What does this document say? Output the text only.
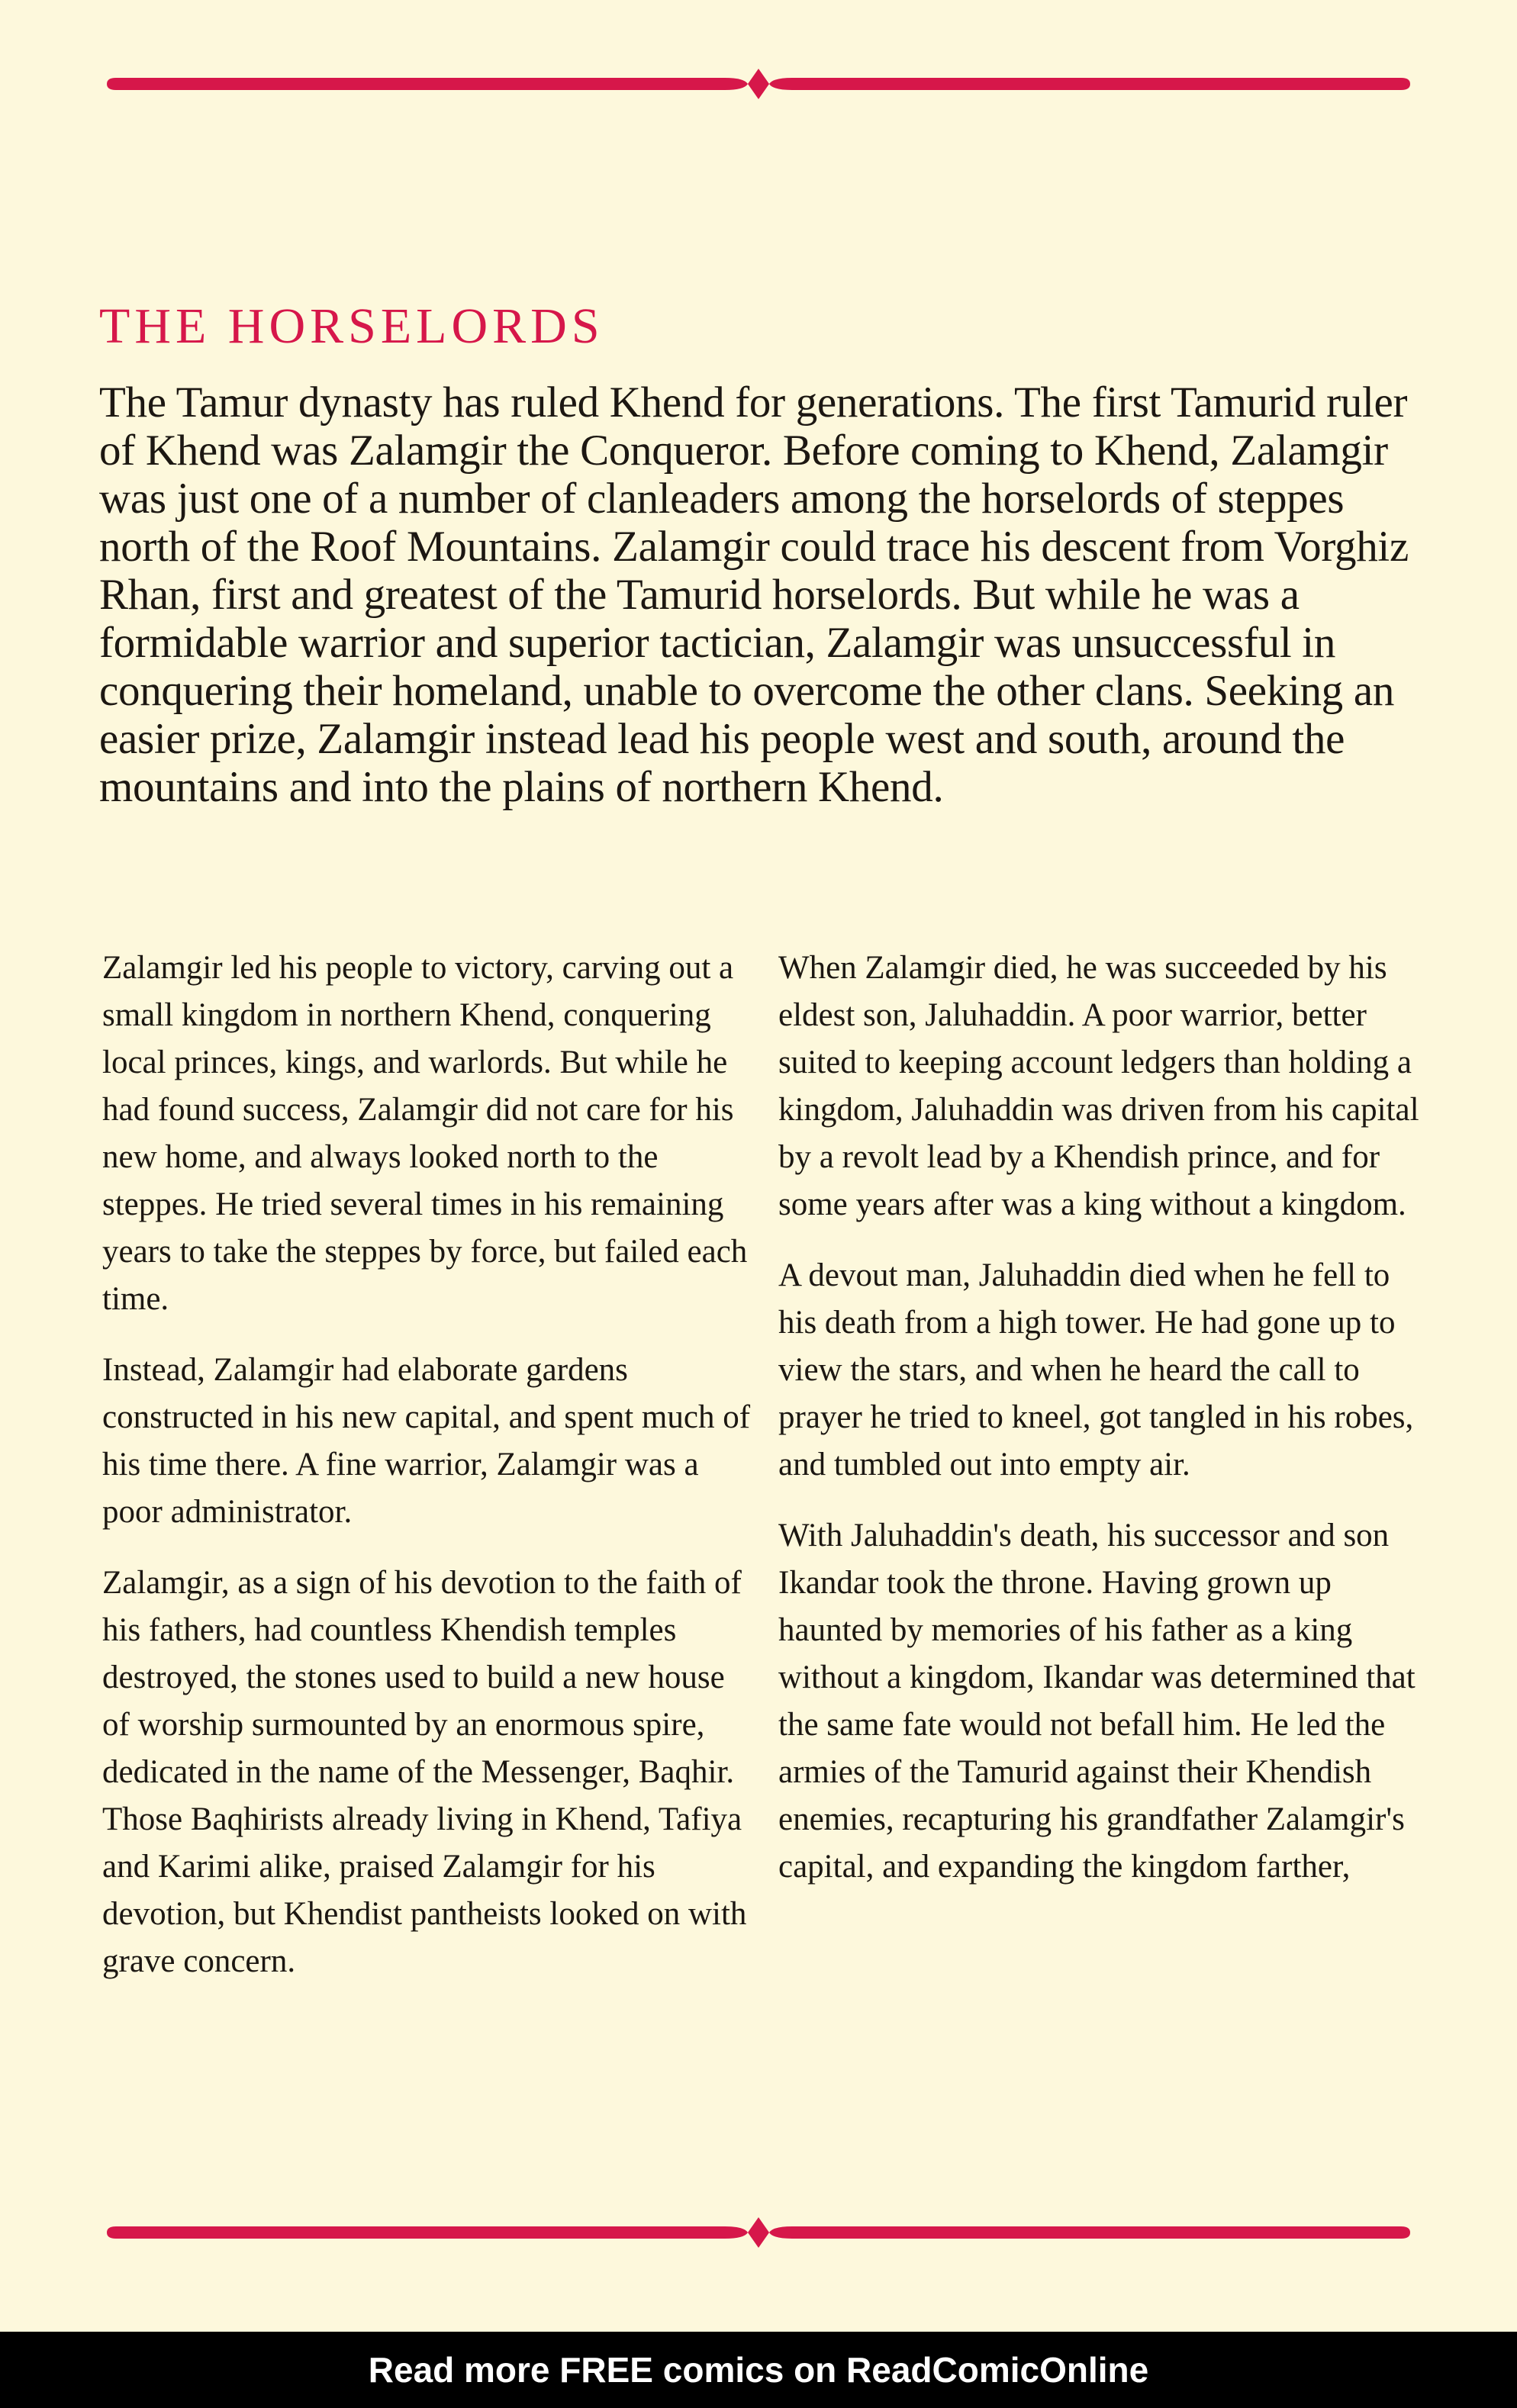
THE HORSELORDS

The Tamur dynasty has ruled Khend for generations. The first Tamurid ruler of Khend was Zalamgir the Conqueror. Before coming to Khend, Zalamgir was just one of a number of clanleaders among the horselords of steppes north of the Roof Mountains. Zalamgir could trace his descent from Vorghiz Rhan, first and greatest of the Tamurid horselords. But while he was a formidable warrior and superior tactician, Zalamgir was unsuccessful in conquering their homeland, unable to overcome the other clans. Seeking an easier prize, Zalamgir instead lead his people west and south, around the mountains and into the plains of northern Khend.

Zalamgir led his people to victory, carving out a small kingdom in northern Khend, conquering local princes, kings, and warlords. But while he had found success, Zalamgir did not care for his new home, and always looked north to the steppes. He tried several times in his remaining years to take the steppes by force, but failed each time.

Instead, Zalamgir had elaborate gardens constructed in his new capital, and spent much of his time there. A fine warrior, Zalamgir was a poor administrator.

Zalamgir, as a sign of his devotion to the faith of his fathers, had countless Khendish temples destroyed, the stones used to build a new house of worship surmounted by an enormous spire, dedicated in the name of the Messenger, Baqhir. Those Baqhirists already living in Khend, Tafiya and Karimi alike, praised Zalamgir for his devotion, but Khendist pantheists looked on with grave concern.

When Zalamgir died, he was succeeded by his eldest son, Jaluhaddin. A poor warrior, better suited to keeping account ledgers than holding a kingdom, Jaluhaddin was driven from his capital by a revolt lead by a Khendish prince, and for some years after was a king without a kingdom.

A devout man, Jaluhaddin died when he fell to his death from a high tower. He had gone up to view the stars, and when he heard the call to prayer he tried to kneel, got tangled in his robes, and tumbled out into empty air.

With Jaluhaddin's death, his successor and son Ikandar took the throne. Having grown up haunted by memories of his father as a king without a kingdom, Ikandar was determined that the same fate would not befall him. He led the armies of the Tamurid against their Khendish enemies, recapturing his grandfather Zalamgir's capital, and expanding the kingdom farther,

Read more FREE comics on ReadComicOnline
